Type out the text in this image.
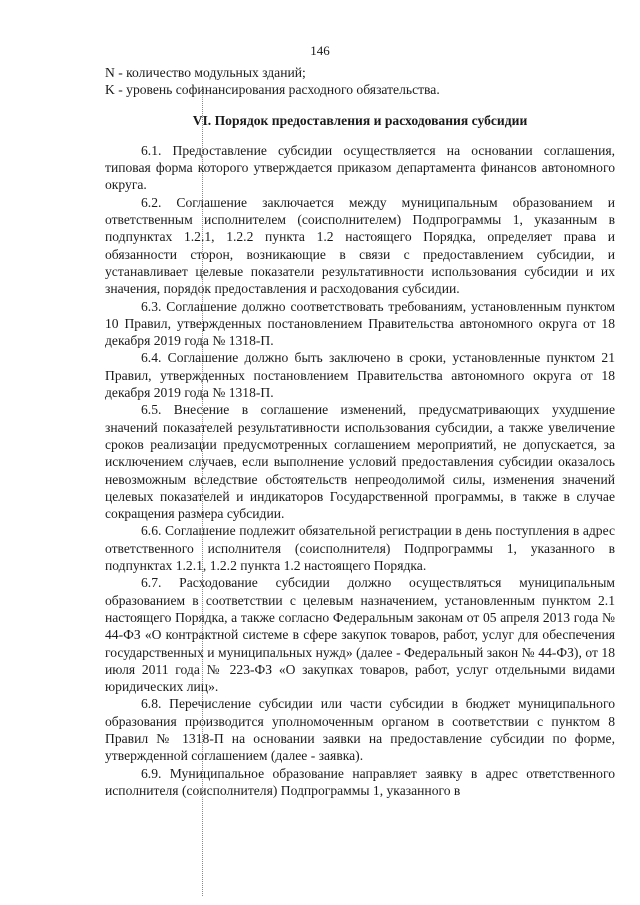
146

N - количество модульных зданий;

K - уровень софинансирования расходного обязательства.

VI. Порядок предоставления и расходования субсидии

6.1. Предоставление субсидии осуществляется на основании соглашения, типовая форма которого утверждается приказом департамента финансов автономного округа.

6.2. Соглашение заключается между муниципальным образованием и ответственным исполнителем (соисполнителем) Подпрограммы 1, указанным в подпунктах 1.2.1, 1.2.2 пункта 1.2 настоящего Порядка, определяет права и обязанности сторон, возникающие в связи с предоставлением субсидии, и устанавливает целевые показатели результативности использования субсидии и их значения, порядок предоставления и расходования субсидии.

6.3. Соглашение должно соответствовать требованиям, установленным пунктом 10 Правил, утвержденных постановлением Правительства автономного округа от 18 декабря 2019 года № 1318-П.

6.4. Соглашение должно быть заключено в сроки, установленные пунктом 21 Правил, утвержденных постановлением Правительства автономного округа от 18 декабря 2019 года № 1318-П.

6.5. Внесение в соглашение изменений, предусматривающих ухудшение значений показателей результативности использования субсидии, а также увеличение сроков реализации предусмотренных соглашением мероприятий, не допускается, за исключением случаев, если выполнение условий предоставления субсидии оказалось невозможным вследствие обстоятельств непреодолимой силы, изменения значений целевых показателей и индикаторов Государственной программы, в также в случае сокращения размера субсидии.

6.6. Соглашение подлежит обязательной регистрации в день поступления в адрес ответственного исполнителя (соисполнителя) Подпрограммы 1, указанного в подпунктах 1.2.1, 1.2.2 пункта 1.2 настоящего Порядка.

6.7. Расходование субсидии должно осуществляться муниципальным образованием в соответствии с целевым назначением, установленным пунктом 2.1 настоящего Порядка, а также согласно Федеральным законам от 05 апреля 2013 года № 44-ФЗ «О контрактной системе в сфере закупок товаров, работ, услуг для обеспечения государственных и муниципальных нужд» (далее - Федеральный закон № 44-ФЗ), от 18 июля 2011 года № 223-ФЗ «О закупках товаров, работ, услуг отдельными видами юридических лиц».

6.8. Перечисление субсидии или части субсидии в бюджет муниципального образования производится уполномоченным органом в соответствии с пунктом 8 Правил № 1318-П на основании заявки на предоставление субсидии по форме, утвержденной соглашением (далее - заявка).

6.9. Муниципальное образование направляет заявку в адрес ответственного исполнителя (соисполнителя) Подпрограммы 1, указанного в
